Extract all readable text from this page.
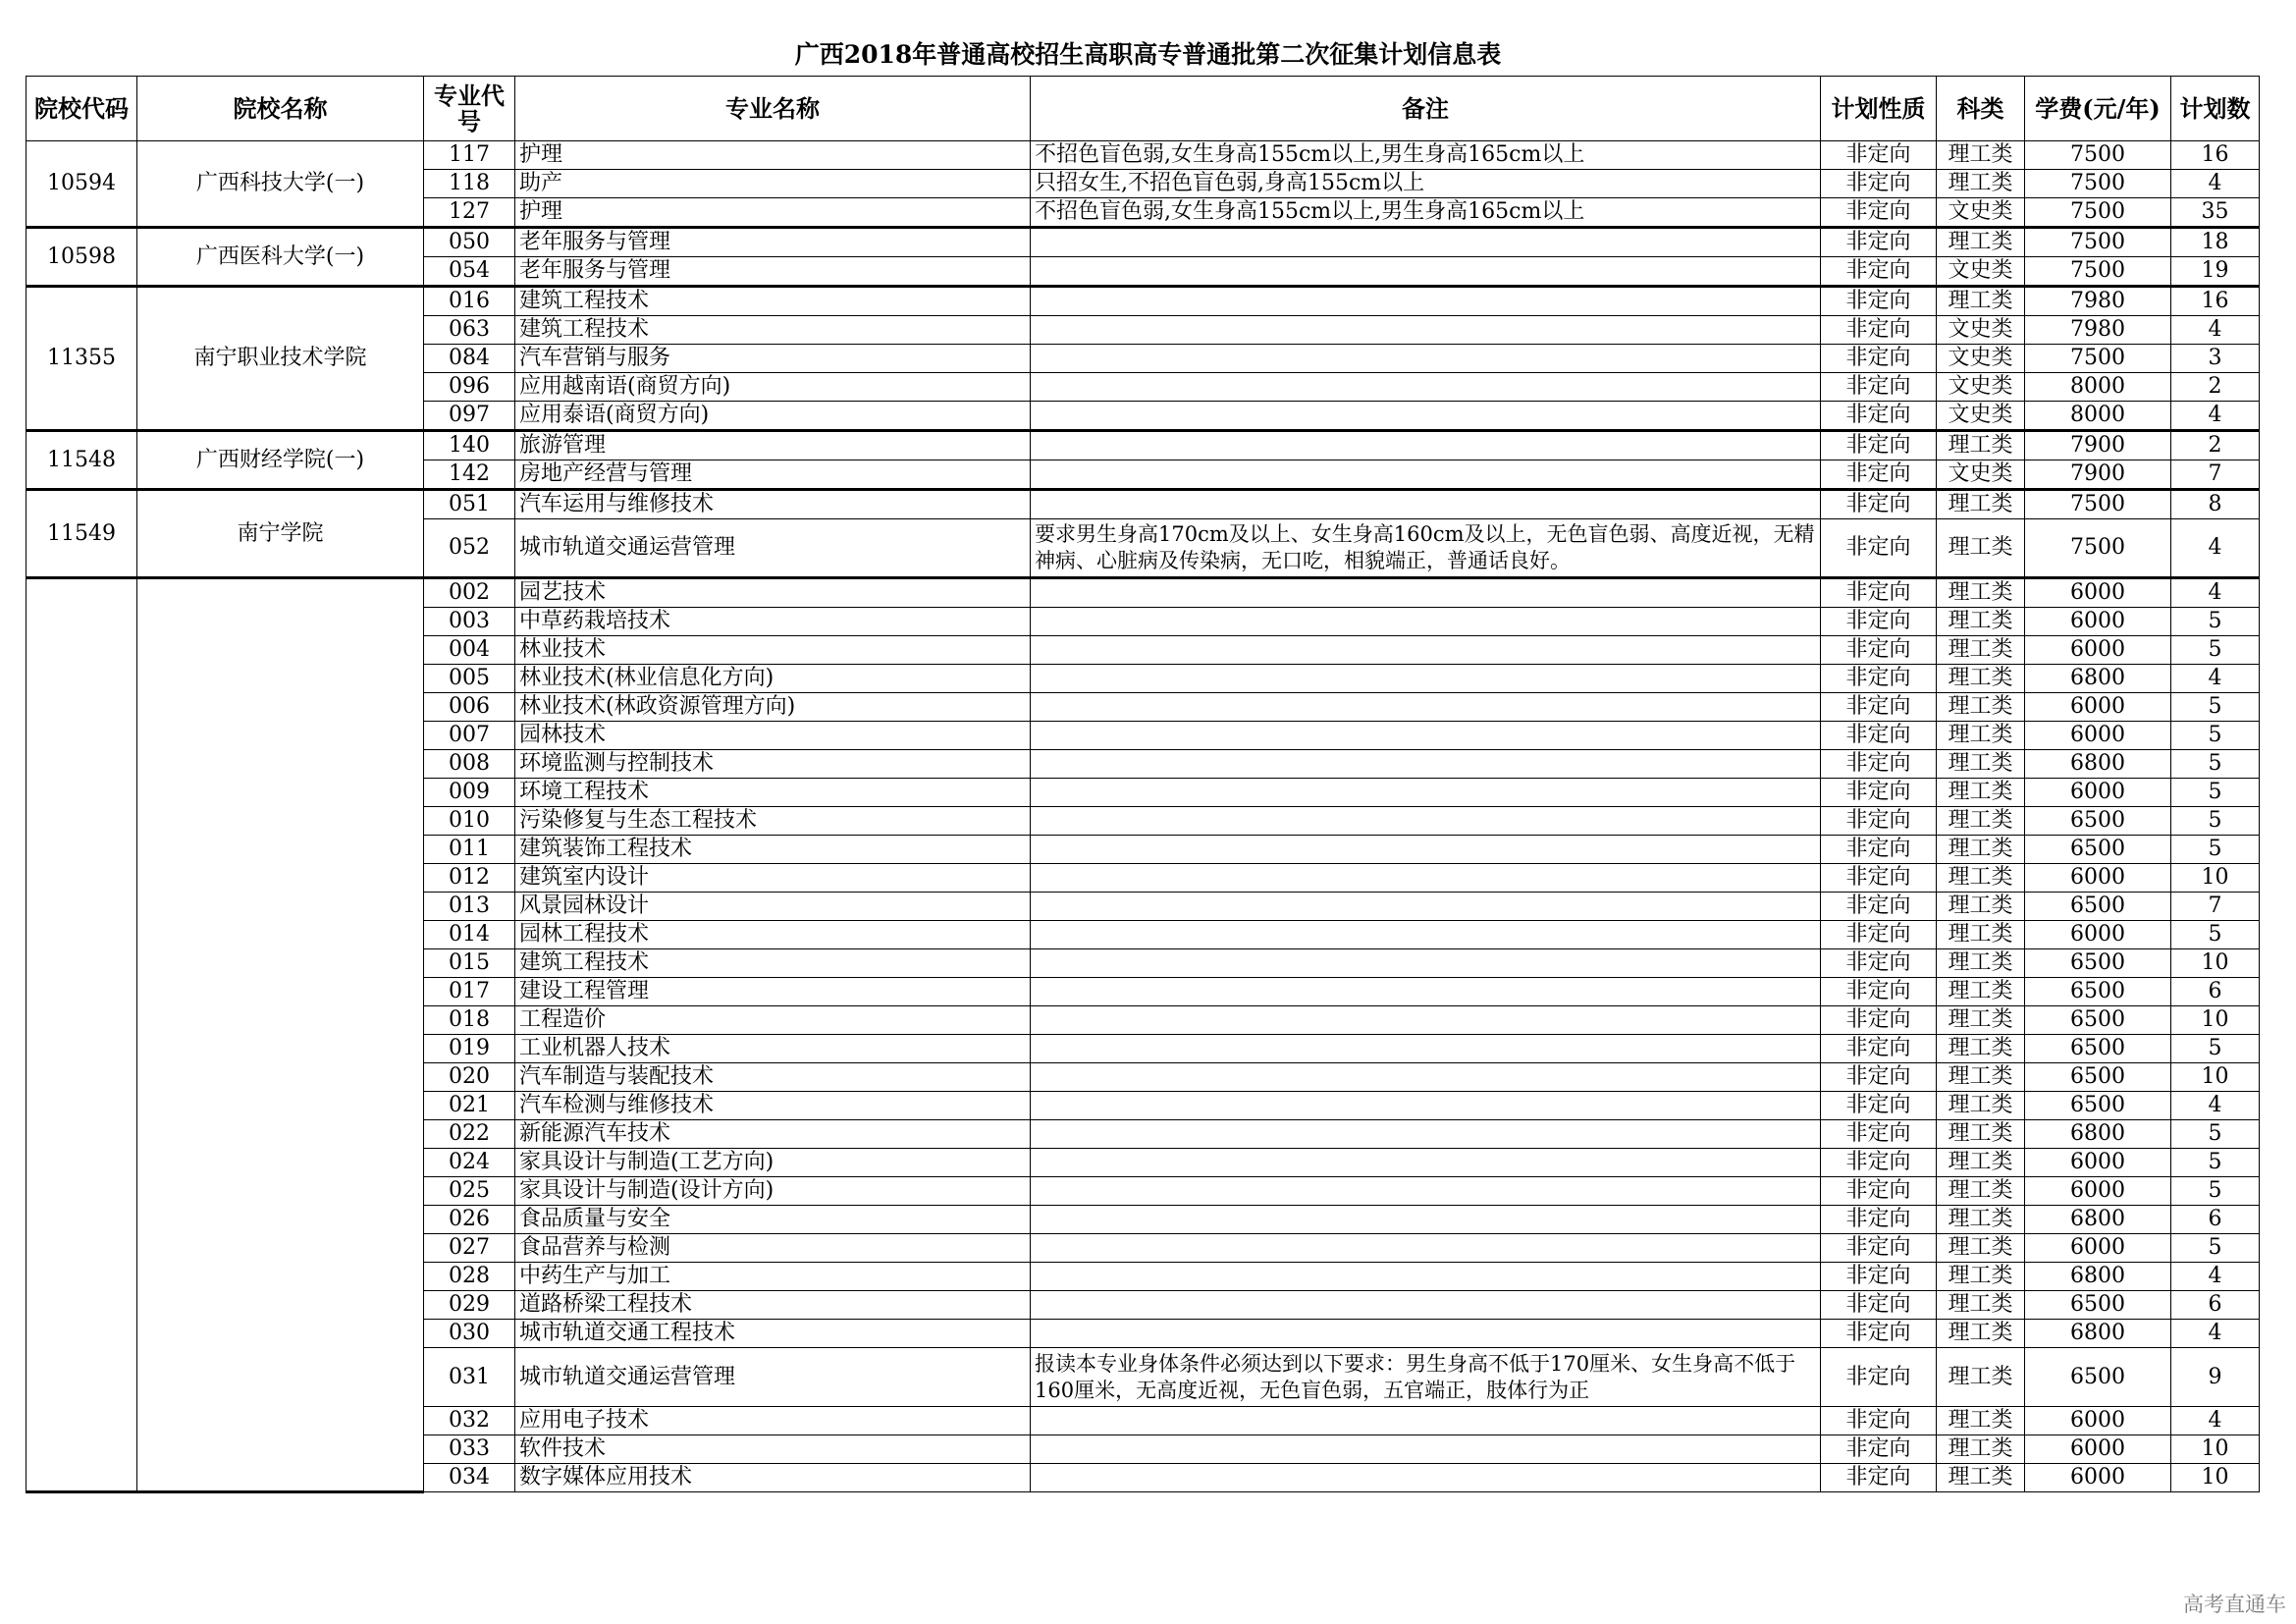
广西2018年普通高校招生高职高专普通批第二次征集计划信息表
院校代码	院校名称	专业代号	专业名称	备注	计划性质	科类	学费(元/年)	计划数
10594	广西科技大学(一)	117	护理	不招色盲色弱,女生身高155cm以上,男生身高165cm以上	非定向	理工类	7500	16
		118	助产	只招女生,不招色盲色弱,身高155cm以上	非定向	理工类	7500	4
		127	护理	不招色盲色弱,女生身高155cm以上,男生身高165cm以上	非定向	文史类	7500	35
10598	广西医科大学(一)	050	老年服务与管理		非定向	理工类	7500	18
		054	老年服务与管理		非定向	文史类	7500	19
11355	南宁职业技术学院	016	建筑工程技术		非定向	理工类	7980	16
		063	建筑工程技术		非定向	文史类	7980	4
		084	汽车营销与服务		非定向	文史类	7500	3
		096	应用越南语(商贸方向)		非定向	文史类	8000	2
		097	应用泰语(商贸方向)		非定向	文史类	8000	4
11548	广西财经学院(一)	140	旅游管理		非定向	理工类	7900	2
		142	房地产经营与管理		非定向	文史类	7900	7
11549	南宁学院	051	汽车运用与维修技术		非定向	理工类	7500	8
		052	城市轨道交通运营管理	要求男生身高170cm及以上、女生身高160cm及以上，无色盲色弱、高度近视，无精神病、心脏病及传染病，无口吃，相貌端正，普通话良好。	非定向	理工类	7500	4
		002	园艺技术		非定向	理工类	6000	4
		003	中草药栽培技术		非定向	理工类	6000	5
		004	林业技术		非定向	理工类	6000	5
		005	林业技术(林业信息化方向)		非定向	理工类	6800	4
		006	林业技术(林政资源管理方向)		非定向	理工类	6000	5
		007	园林技术		非定向	理工类	6000	5
		008	环境监测与控制技术		非定向	理工类	6800	5
		009	环境工程技术		非定向	理工类	6000	5
		010	污染修复与生态工程技术		非定向	理工类	6500	5
		011	建筑装饰工程技术		非定向	理工类	6500	5
		012	建筑室内设计		非定向	理工类	6000	10
		013	风景园林设计		非定向	理工类	6500	7
		014	园林工程技术		非定向	理工类	6000	5
		015	建筑工程技术		非定向	理工类	6500	10
		017	建设工程管理		非定向	理工类	6500	6
		018	工程造价		非定向	理工类	6500	10
		019	工业机器人技术		非定向	理工类	6500	5
		020	汽车制造与装配技术		非定向	理工类	6500	10
		021	汽车检测与维修技术		非定向	理工类	6500	4
		022	新能源汽车技术		非定向	理工类	6800	5
		024	家具设计与制造(工艺方向)		非定向	理工类	6000	5
		025	家具设计与制造(设计方向)		非定向	理工类	6000	5
		026	食品质量与安全		非定向	理工类	6800	6
		027	食品营养与检测		非定向	理工类	6000	5
		028	中药生产与加工		非定向	理工类	6800	4
		029	道路桥梁工程技术		非定向	理工类	6500	6
		030	城市轨道交通工程技术		非定向	理工类	6800	4
		031	城市轨道交通运营管理	报读本专业身体条件必须达到以下要求：男生身高不低于170厘米、女生身高不低于160厘米，无高度近视，无色盲色弱，五官端正，肢体行为正	非定向	理工类	6500	9
		032	应用电子技术		非定向	理工类	6000	4
		033	软件技术		非定向	理工类	6000	10
		034	数字媒体应用技术		非定向	理工类	6000	10
高考直通车
